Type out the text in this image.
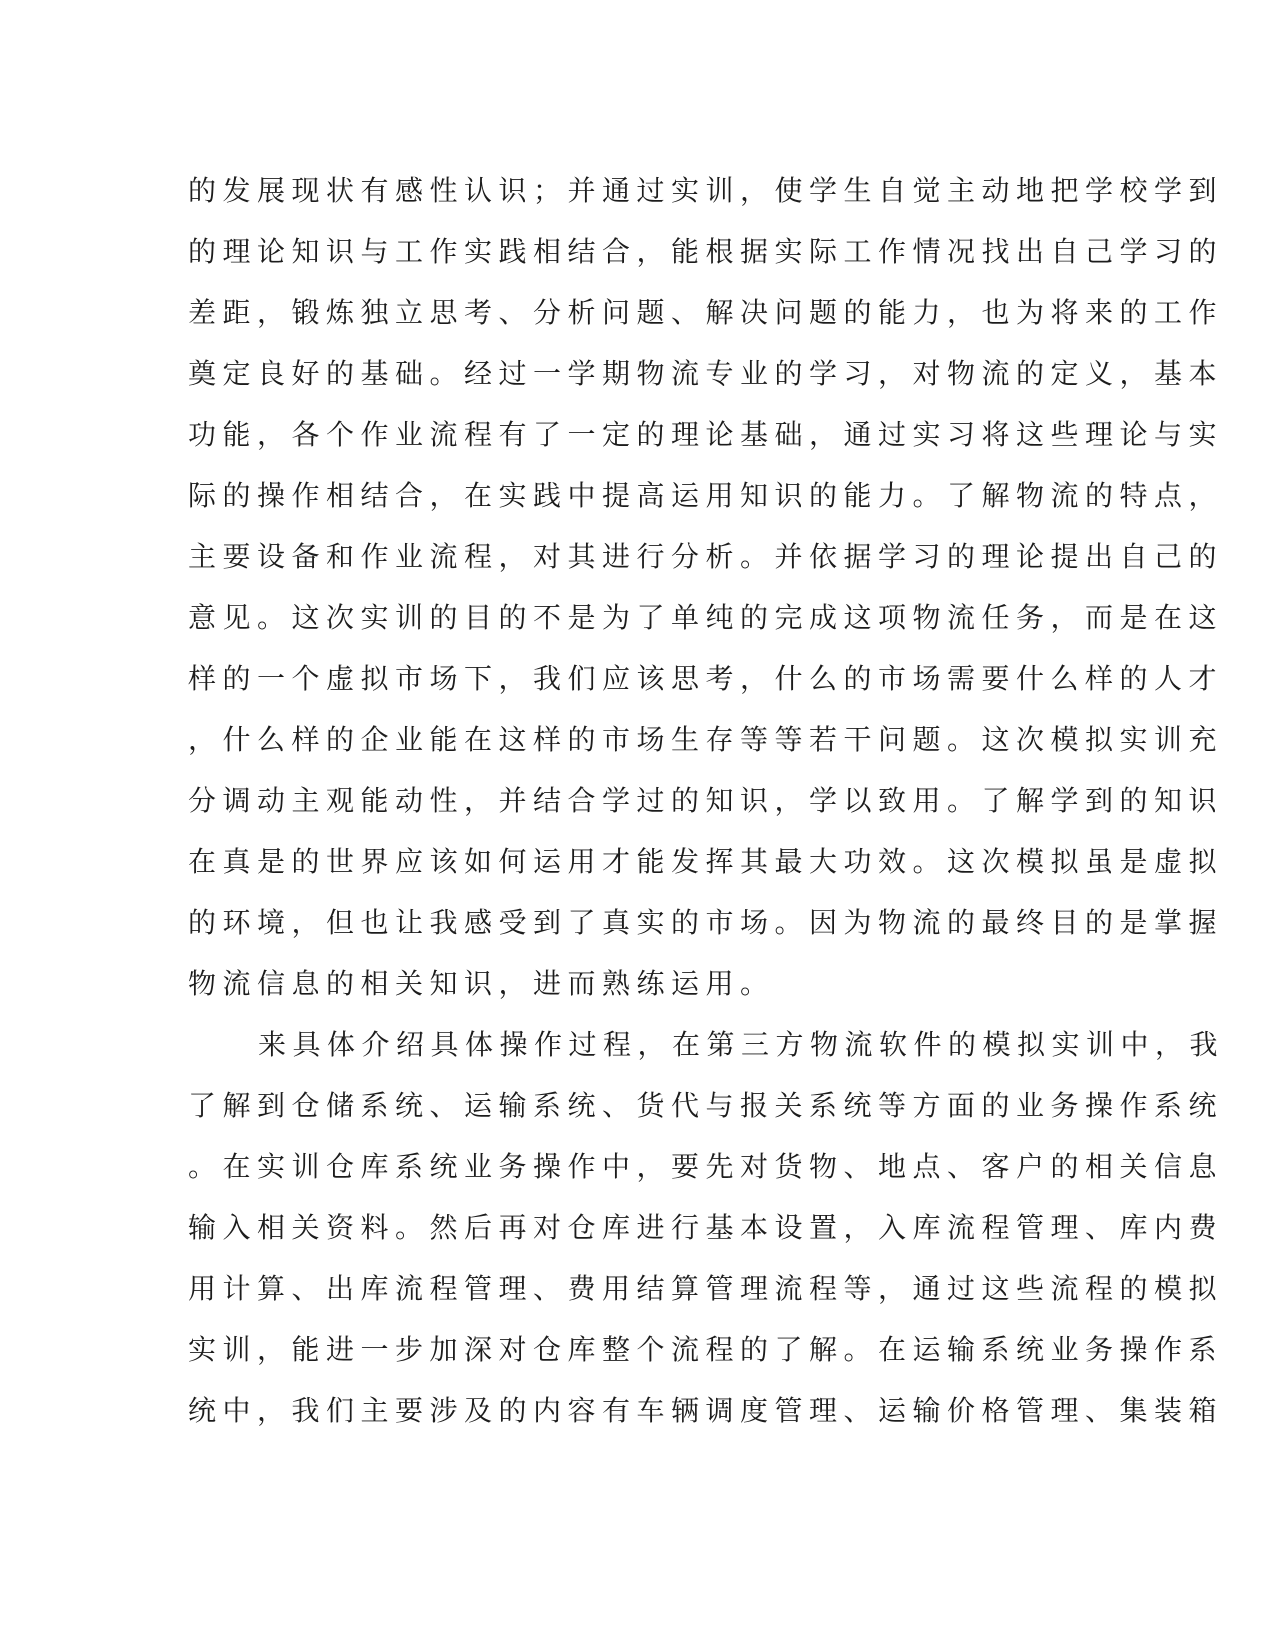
的发展现状有感性认识；并通过实训，使学生自觉主动地把学校学到
的理论知识与工作实践相结合，能根据实际工作情况找出自己学习的
差距，锻炼独立思考、分析问题、解决问题的能力，也为将来的工作
奠定良好的基础。经过一学期物流专业的学习，对物流的定义，基本
功能，各个作业流程有了一定的理论基础，通过实习将这些理论与实
际的操作相结合，在实践中提高运用知识的能力。了解物流的特点，
主要设备和作业流程，对其进行分析。并依据学习的理论提出自己的
意见。这次实训的目的不是为了单纯的完成这项物流任务，而是在这
样的一个虚拟市场下，我们应该思考，什么的市场需要什么样的人才
，什么样的企业能在这样的市场生存等等若干问题。这次模拟实训充
分调动主观能动性，并结合学过的知识，学以致用。了解学到的知识
在真是的世界应该如何运用才能发挥其最大功效。这次模拟虽是虚拟
的环境，但也让我感受到了真实的市场。因为物流的最终目的是掌握
物流信息的相关知识，进而熟练运用。
来具体介绍具体操作过程，在第三方物流软件的模拟实训中，我
了解到仓储系统、运输系统、货代与报关系统等方面的业务操作系统
。在实训仓库系统业务操作中，要先对货物、地点、客户的相关信息
输入相关资料。然后再对仓库进行基本设置，入库流程管理、库内费
用计算、出库流程管理、费用结算管理流程等，通过这些流程的模拟
实训，能进一步加深对仓库整个流程的了解。在运输系统业务操作系
统中，我们主要涉及的内容有车辆调度管理、运输价格管理、集装箱
